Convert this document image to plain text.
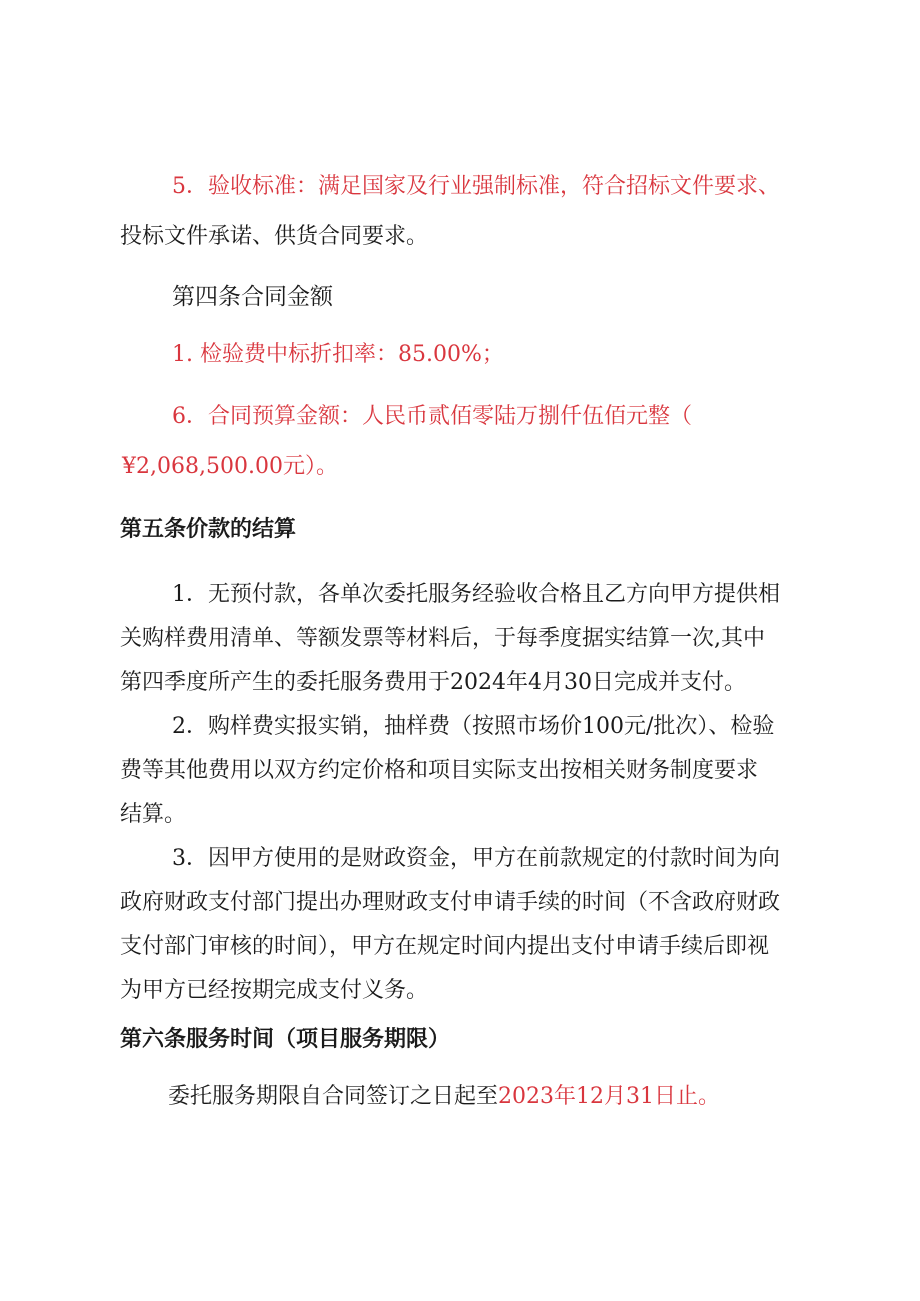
5．验收标准：满足国家及行业强制标准，符合招标文件要求、
投标文件承诺、供货合同要求。
第四条合同金额
1. 检验费中标折扣率：85.00%；
6．合同预算金额：人民币贰佰零陆万捌仟伍佰元整（
¥2,068,500.00元）。
第五条价款的结算
1．无预付款，各单次委托服务经验收合格且乙方向甲方提供相
关购样费用清单、等额发票等材料后，于每季度据实结算一次,其中
第四季度所产生的委托服务费用于2024年4月30日完成并支付。
2．购样费实报实销，抽样费（按照市场价100元/批次）、检验
费等其他费用以双方约定价格和项目实际支出按相关财务制度要求
结算。
3．因甲方使用的是财政资金，甲方在前款规定的付款时间为向
政府财政支付部门提出办理财政支付申请手续的时间（不含政府财政
支付部门审核的时间），甲方在规定时间内提出支付申请手续后即视
为甲方已经按期完成支付义务。
第六条服务时间（项目服务期限）
委托服务期限自合同签订之日起至2023年12月31日止。
